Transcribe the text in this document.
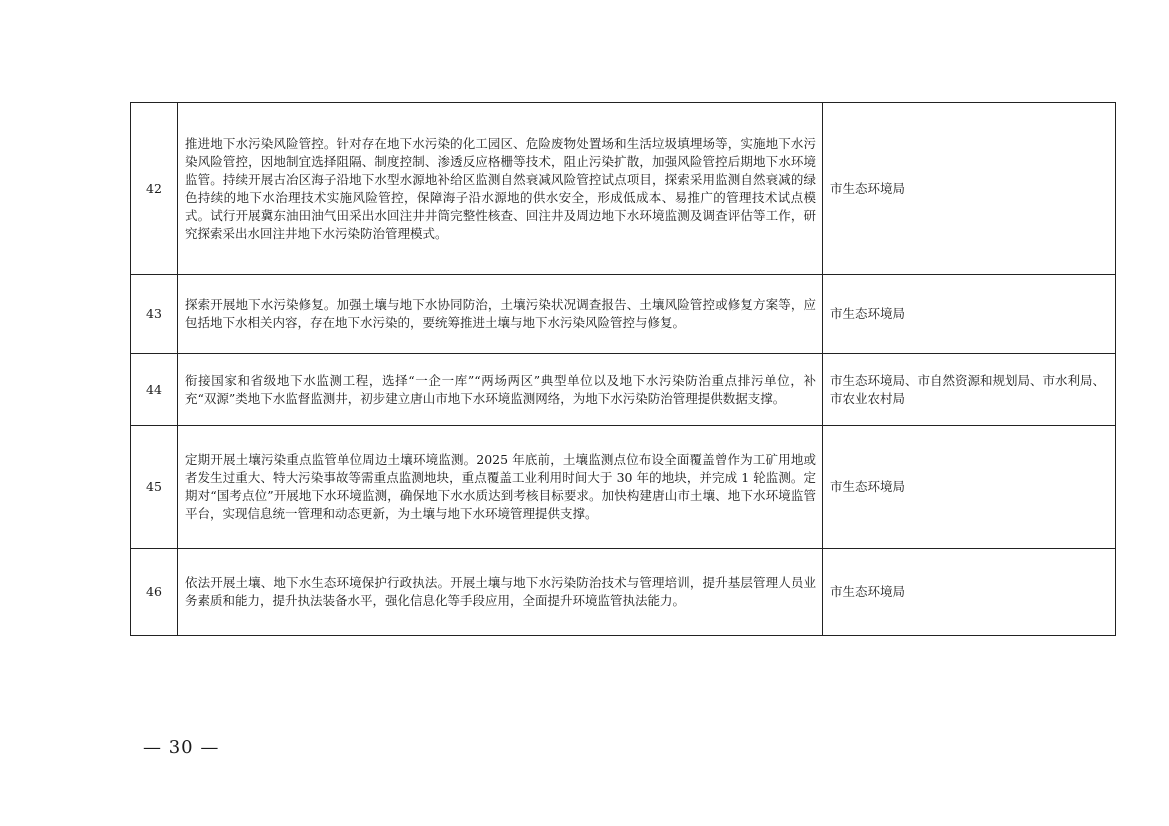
42	推进地下水污染风险管控。针对存在地下水污染的化工园区、危险废物处置场和生活垃圾填埋场等，实施地下水污染风险管控，因地制宜选择阻隔、制度控制、渗透反应格栅等技术，阻止污染扩散，加强风险管控后期地下水环境监管。持续开展古冶区海子沿地下水型水源地补给区监测自然衰减风险管控试点项目，探索采用监测自然衰减的绿色持续的地下水治理技术实施风险管控，保障海子沿水源地的供水安全，形成低成本、易推广的管理技术试点模式。试行开展冀东油田油气田采出水回注井井筒完整性核查、回注井及周边地下水环境监测及调查评估等工作，研究探索采出水回注井地下水污染防治管理模式。	市生态环境局
43	探索开展地下水污染修复。加强土壤与地下水协同防治，土壤污染状况调查报告、土壤风险管控或修复方案等，应包括地下水相关内容，存在地下水污染的，要统筹推进土壤与地下水污染风险管控与修复。	市生态环境局
44	衔接国家和省级地下水监测工程，选择“一企一库”“两场两区”典型单位以及地下水污染防治重点排污单位，补充“双源”类地下水监督监测井，初步建立唐山市地下水环境监测网络，为地下水污染防治管理提供数据支撑。	市生态环境局、市自然资源和规划局、市水利局、市农业农村局
45	定期开展土壤污染重点监管单位周边土壤环境监测。2025 年底前，土壤监测点位布设全面覆盖曾作为工矿用地或者发生过重大、特大污染事故等需重点监测地块，重点覆盖工业利用时间大于 30 年的地块，并完成 1 轮监测。定期对“国考点位”开展地下水环境监测，确保地下水水质达到考核目标要求。加快构建唐山市土壤、地下水环境监管平台，实现信息统一管理和动态更新，为土壤与地下水环境管理提供支撑。	市生态环境局
46	依法开展土壤、地下水生态环境保护行政执法。开展土壤与地下水污染防治技术与管理培训，提升基层管理人员业务素质和能力，提升执法装备水平，强化信息化等手段应用，全面提升环境监管执法能力。	市生态环境局
— 30 —
